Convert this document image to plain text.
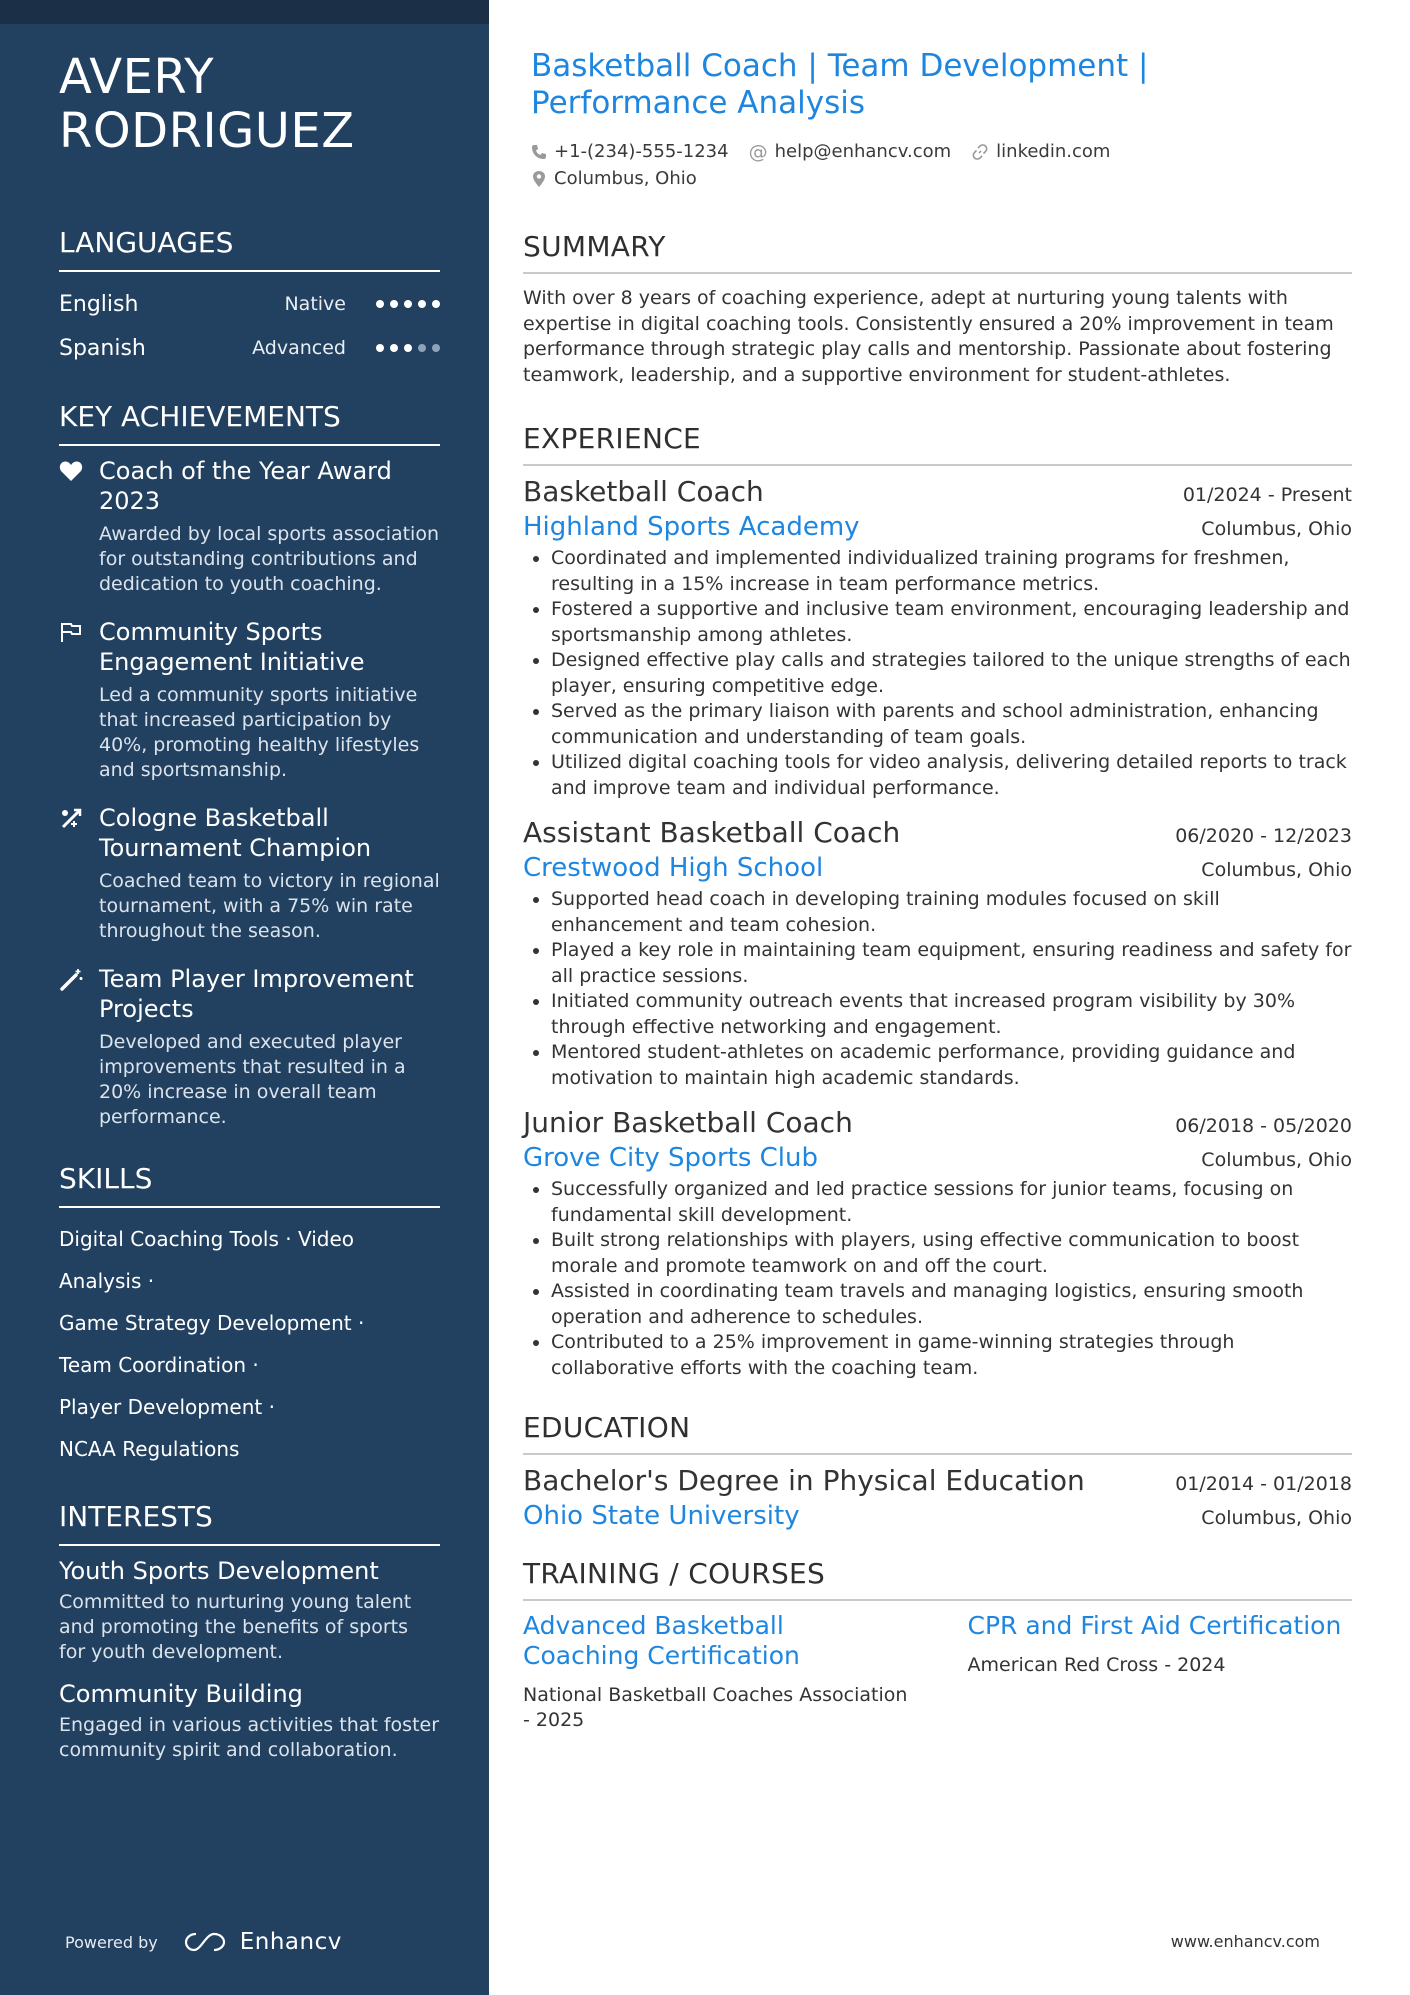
AVERY RODRIGUEZ
LANGUAGES
English	Native
Spanish	Advanced
KEY ACHIEVEMENTS
Coach of the Year Award 2023
Awarded by local sports association for outstanding contributions and dedication to youth coaching.
Community Sports Engagement Initiative
Led a community sports initiative that increased participation by 40%, promoting healthy lifestyles and sportsmanship.
Cologne Basketball Tournament Champion
Coached team to victory in regional tournament, with a 75% win rate throughout the season.
Team Player Improvement Projects
Developed and executed player improvements that resulted in a 20% increase in overall team performance.
SKILLS
Digital Coaching Tools · Video Analysis ·
Game Strategy Development ·
Team Coordination ·
Player Development ·
NCAA Regulations
INTERESTS
Youth Sports Development
Committed to nurturing young talent and promoting the benefits of sports for youth development.
Community Building
Engaged in various activities that foster community spirit and collaboration.
Powered by	Enhancv
Basketball Coach | Team Development | Performance Analysis
+1-(234)-555-1234 @ help@enhancv.com	linkedin.com
Columbus, Ohio
SUMMARY
With over 8 years of coaching experience, adept at nurturing young talents with expertise in digital coaching tools. Consistently ensured a 20% improvement in team performance through strategic play calls and mentorship. Passionate about fostering teamwork, leadership, and a supportive environment for student-athletes.
EXPERIENCE
Basketball Coach	01/2024 - Present
Highland Sports Academy	Columbus, Ohio
• Coordinated and implemented individualized training programs for freshmen, resulting in a 15% increase in team performance metrics.
• Fostered a supportive and inclusive team environment, encouraging leadership and sportsmanship among athletes.
• Designed effective play calls and strategies tailored to the unique strengths of each player, ensuring competitive edge.
• Served as the primary liaison with parents and school administration, enhancing communication and understanding of team goals.
• Utilized digital coaching tools for video analysis, delivering detailed reports to track and improve team and individual performance.
Assistant Basketball Coach	06/2020 - 12/2023
Crestwood High School	Columbus, Ohio
• Supported head coach in developing training modules focused on skill enhancement and team cohesion.
• Played a key role in maintaining team equipment, ensuring readiness and safety for all practice sessions.
• Initiated community outreach events that increased program visibility by 30% through effective networking and engagement.
• Mentored student-athletes on academic performance, providing guidance and motivation to maintain high academic standards.
Junior Basketball Coach	06/2018 - 05/2020
Grove City Sports Club	Columbus, Ohio
• Successfully organized and led practice sessions for junior teams, focusing on fundamental skill development.
• Built strong relationships with players, using effective communication to boost morale and promote teamwork on and off the court.
• Assisted in coordinating team travels and managing logistics, ensuring smooth operation and adherence to schedules.
• Contributed to a 25% improvement in game-winning strategies through collaborative efforts with the coaching team.
EDUCATION
Bachelor's Degree in Physical Education	01/2014 - 01/2018
Ohio State University	Columbus, Ohio
TRAINING / COURSES
Advanced Basketball Coaching Certification
National Basketball Coaches Association - 2025
CPR and First Aid Certification
American Red Cross - 2024
www.enhancv.com
